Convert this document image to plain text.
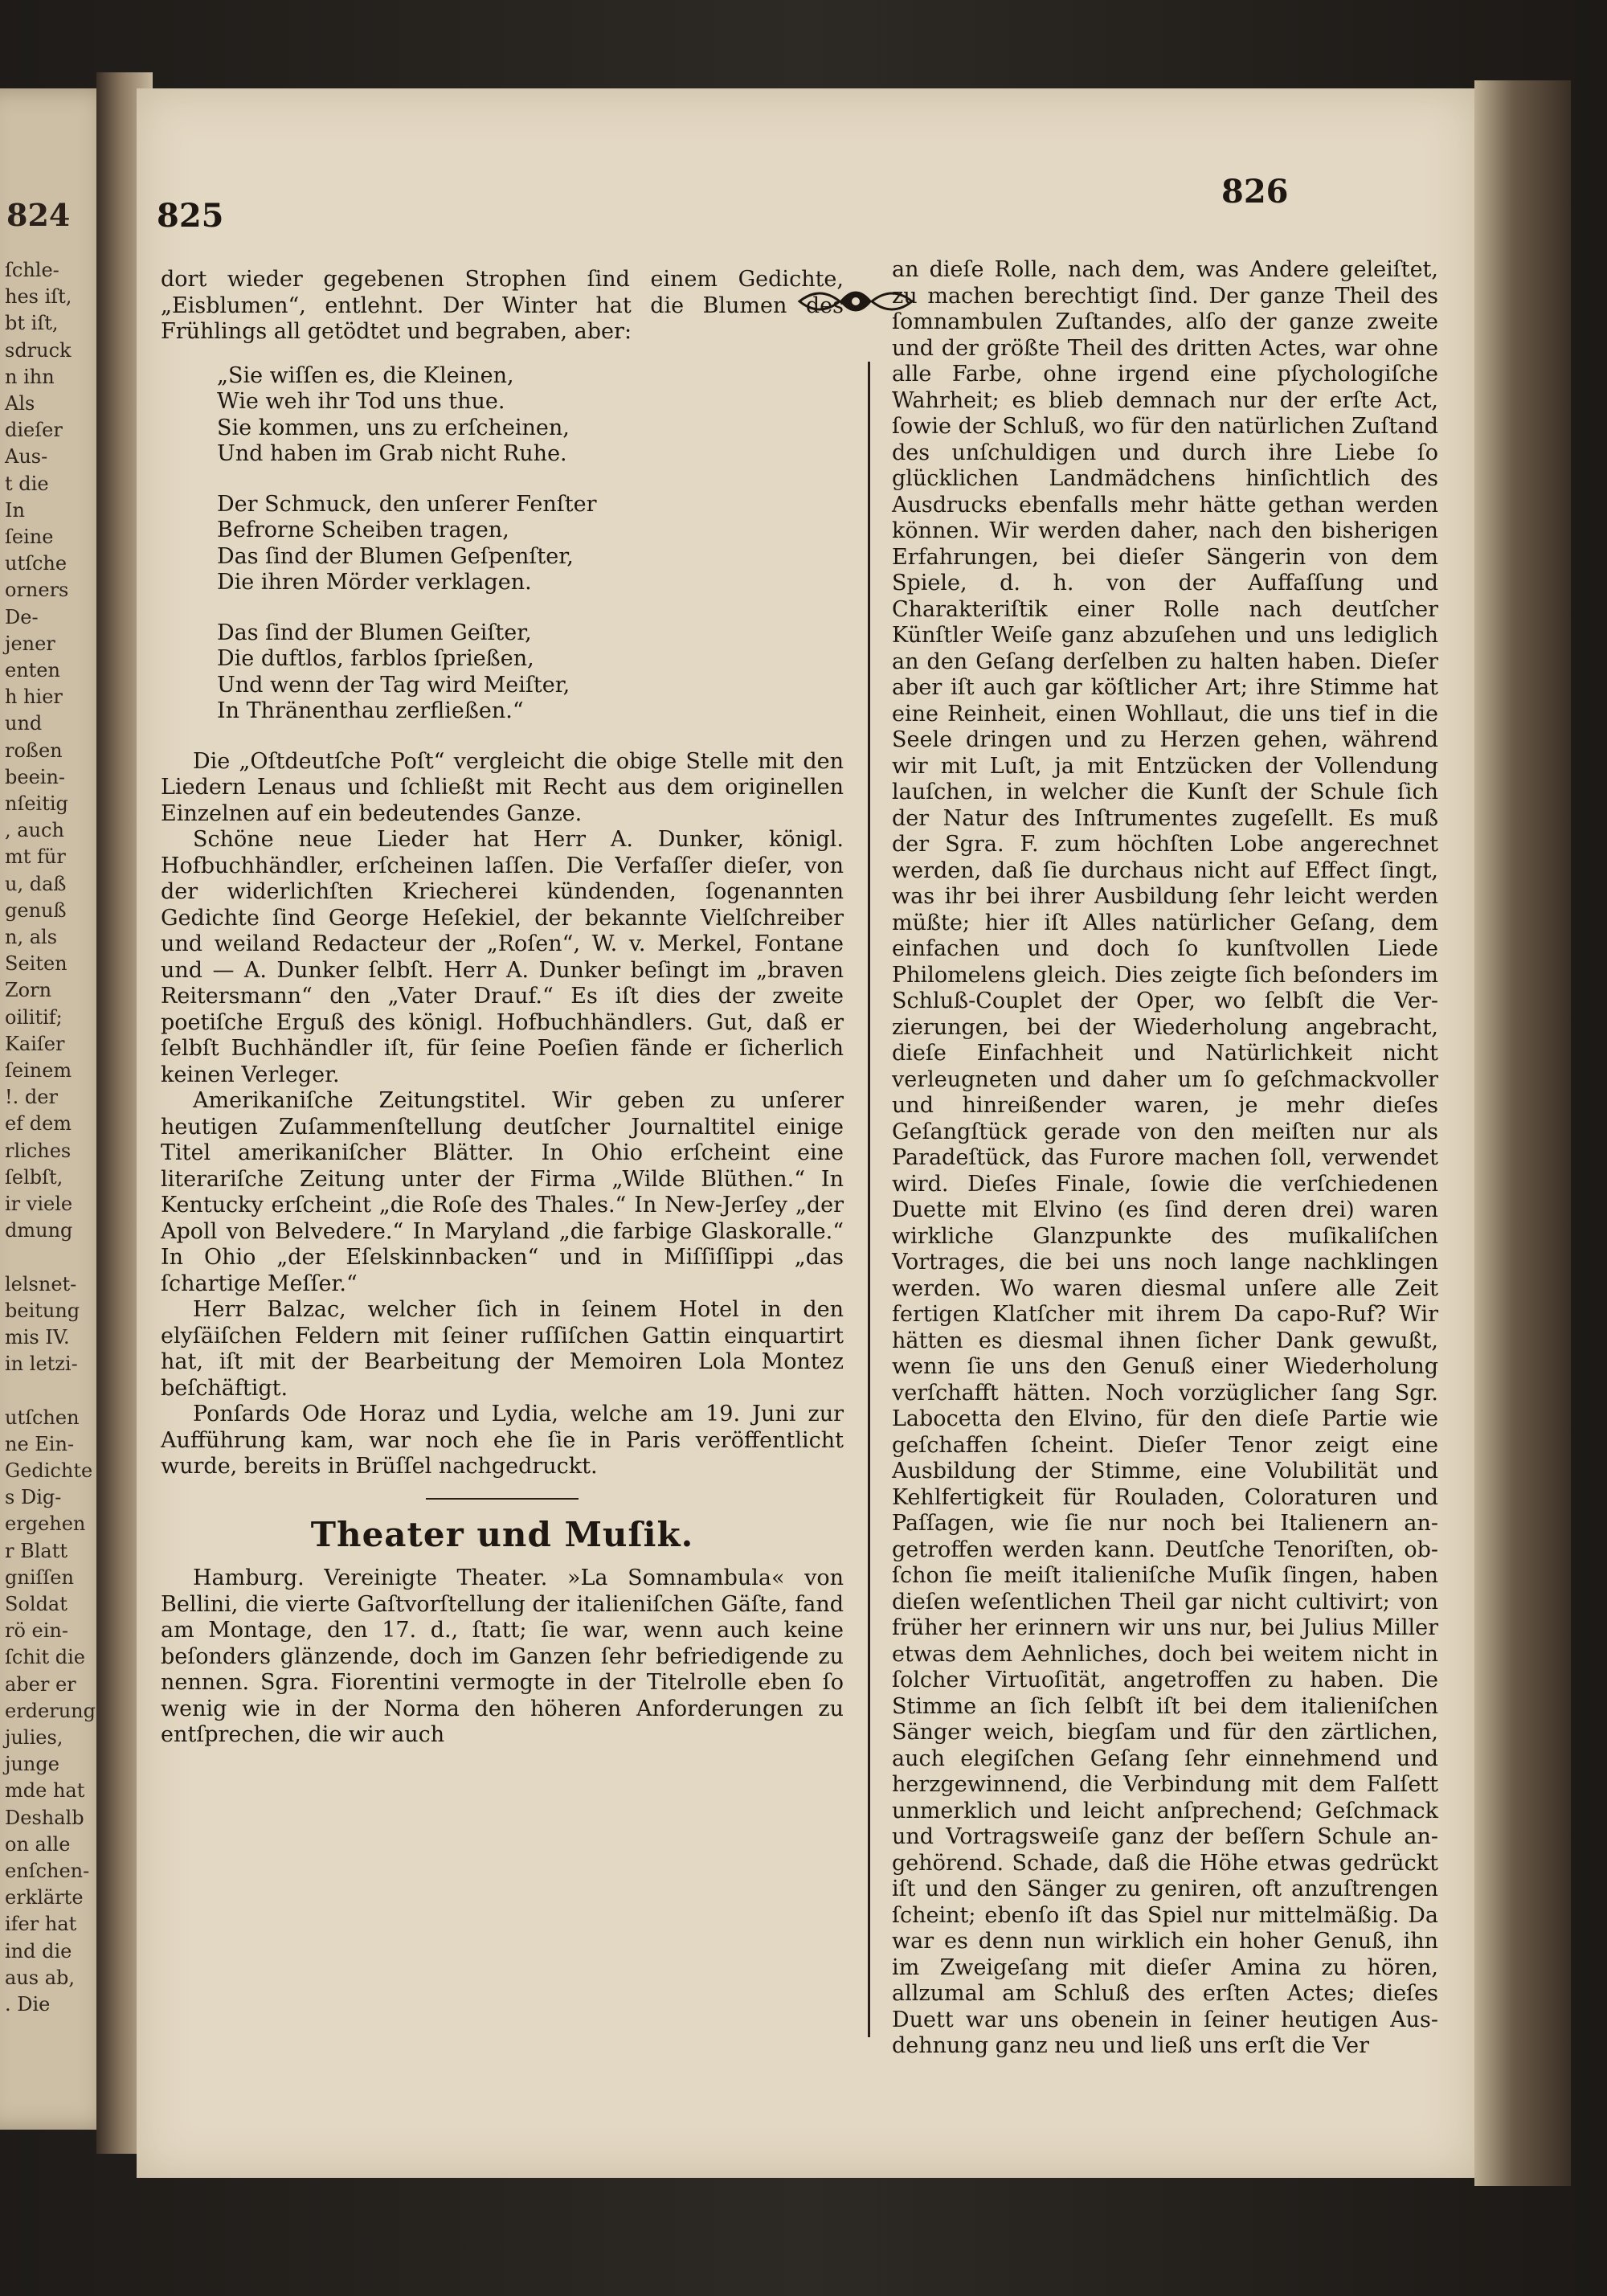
824
ſchle-
hes iſt,
bt iſt,
sdruck
n ihn
Als
dieſer
Aus-
t die
In
ſeine
utſche
orners
De-
jener
enten
h hier
und
roßen
beein-
nſeitig
, auch
mt für
u, daß
genuß
n, als
Seiten
Zorn
oilitif;
Kaiſer
ſeinem
!. der
ef dem
rliches
ſelbſt,
ir viele
dmung
lelsnet-
beitung
mis IV.
in letzi-
utſchen
ne Ein-
Gedichte
s Dig-
ergehen
r Blatt
gniſſen
Soldat
rö ein-
ſchit die
aber er
erderung
julies,
junge
mde hat
Deshalb
on alle
enſchen-
erklärte
ifer hat
ind die
aus ab,
. Die
825
826

dort wieder gegebenen Strophen ſind einem Gedichte, „Eisblumen“, entlehnt. Der Winter hat die Blumen des Frühlings all getödtet und begraben, aber:

„Sie wiſſen es, die Kleinen,
Wie weh ihr Tod uns thue.
Sie kommen, uns zu erſcheinen,
Und haben im Grab nicht Ruhe.
Der Schmuck, den unſerer Fenſter
Befrorne Scheiben tragen,
Das ſind der Blumen Geſpenſter,
Die ihren Mörder verklagen.
Das ſind der Blumen Geiſter,
Die duftlos, farblos ſprießen,
Und wenn der Tag wird Meiſter,
In Thränenthau zerfließen.“

Die „Oſtdeutſche Poſt“ vergleicht die obige Stelle mit den Liedern Lenaus und ſchließt mit Recht aus dem originellen Einzelnen auf ein bedeutendes Ganze.

Schöne neue Lieder hat Herr A. Dunker, königl. Hofbuchhändler, erſcheinen laſſen. Die Verfaſſer dieſer, von der widerlichſten Kriecherei kündenden, ſogenannten Gedichte ſind George Heſekiel, der bekannte Vielſchreiber und weiland Redacteur der „Roſen“, W. v. Merkel, Fontane und — A. Dunker ſelbſt. Herr A. Dunker beſingt im „braven Reitersmann“ den „Vater Drauf.“ Es iſt dies der zweite poetiſche Erguß des königl. Hofbuchhändlers. Gut, daß er ſelbſt Buchhändler iſt, für ſeine Poeſien fände er ſicherlich keinen Verleger.

Amerikaniſche Zeitungstitel. Wir geben zu unſerer heutigen Zuſammenſtellung deutſcher Journaltitel einige Titel amerikaniſcher Blätter. In Ohio erſcheint eine literariſche Zeitung unter der Firma „Wilde Blüthen.“ In Kentucky erſcheint „die Roſe des Thales.“ In New-Jerſey „der Apoll von Belvedere.“ In Maryland „die farbige Glaskoralle.“ In Ohio „der Eſelskinnbacken“ und in Miſſiſſippi „das ſchartige Meſſer.“

Herr Balzac, welcher ſich in ſeinem Hotel in den elyſäiſchen Feldern mit ſeiner ruſſiſchen Gattin einquartirt hat, iſt mit der Bearbeitung der Memoiren Lola Montez beſchäftigt.

Ponſards Ode Horaz und Lydia, welche am 19. Juni zur Aufführung kam, war noch ehe ſie in Paris veröffentlicht wurde, bereits in Brüſſel nachgedruckt.

Theater und Muſik.

Hamburg. Vereinigte Theater. »La Somnambula« von Bellini, die vierte Gaſtvorſtellung der italieniſchen Gäſte, fand am Montage, den 17. d., ſtatt; ſie war, wenn auch keine beſonders glänzende, doch im Ganzen ſehr befriedigende zu nennen. Sgra. Fiorentini vermogte in der Titelrolle eben ſo wenig wie in der Norma den höheren Anforderungen zu entſprechen, die wir auch

an dieſe Rolle, nach dem, was Andere geleiſtet, zu machen berechtigt ſind. Der ganze Theil des ſomnambulen Zuſtandes, alſo der ganze zweite und der größte Theil des dritten Actes, war ohne alle Farbe, ohne irgend eine pſychologiſche Wahrheit; es blieb demnach nur der erſte Act, ſowie der Schluß, wo für den natürlichen Zuſtand des unſchuldigen und durch ihre Liebe ſo glücklichen Landmädchens hinſichtlich des Ausdrucks ebenfalls mehr hätte gethan werden können. Wir werden daher, nach den bisherigen Erfahrungen, bei dieſer Sängerin von dem Spiele, d. h. von der Auffaſſung und Charakteriſtik einer Rolle nach deutſcher Künſtler Weiſe ganz abzuſehen und uns lediglich an den Geſang derſelben zu halten haben. Dieſer aber iſt auch gar köſtlicher Art; ihre Stimme hat eine Reinheit, einen Wohllaut, die uns tief in die Seele dringen und zu Herzen gehen, während wir mit Luſt, ja mit Entzücken der Vollendung lauſchen, in welcher die Kunſt der Schule ſich der Natur des Inſtrumentes zugeſellt. Es muß der Sgra. F. zum höchſten Lobe angerechnet werden, daß ſie durchaus nicht auf Effect ſingt, was ihr bei ihrer Ausbildung ſehr leicht werden müßte; hier iſt Alles natürlicher Geſang, dem einfachen und doch ſo kunſtvollen Liede Philomelens gleich. Dies zeigte ſich beſonders im Schluß-Couplet der Oper, wo ſelbſt die Verzierungen, bei der Wiederholung angebracht, dieſe Einfachheit und Natürlichkeit nicht verleugneten und daher um ſo geſchmackvoller und hinreißender waren, je mehr dieſes Geſangſtück gerade von den meiſten nur als Paradeſtück, das Furore machen ſoll, verwendet wird. Dieſes Finale, ſowie die verſchiedenen Duette mit Elvino (es ſind deren drei) waren wirkliche Glanzpunkte des muſikaliſchen Vortrages, die bei uns noch lange nachklingen werden. Wo waren diesmal unſere alle Zeit fertigen Klatſcher mit ihrem Da capo-Ruf? Wir hätten es diesmal ihnen ſicher Dank gewußt, wenn ſie uns den Genuß einer Wiederholung verſchafft hätten. Noch vorzüglicher ſang Sgr. Labocetta den Elvino, für den dieſe Partie wie geſchaffen ſcheint. Dieſer Tenor zeigt eine Ausbildung der Stimme, eine Volubilität und Kehlfertigkeit für Rouladen, Coloraturen und Paſſagen, wie ſie nur noch bei Italienern angetroffen werden kann. Deutſche Tenoriſten, obſchon ſie meiſt italieniſche Muſik ſingen, haben dieſen weſentlichen Theil gar nicht cultivirt; von früher her erinnern wir uns nur, bei Julius Miller etwas dem Aehnliches, doch bei weitem nicht in ſolcher Virtuoſität, angetroffen zu haben. Die Stimme an ſich ſelbſt iſt bei dem italieniſchen Sänger weich, biegſam und für den zärtlichen, auch elegiſchen Geſang ſehr einnehmend und herzgewinnend, die Verbindung mit dem Falſett unmerklich und leicht anſprechend; Geſchmack und Vortragsweiſe ganz der beſſern Schule angehörend. Schade, daß die Höhe etwas gedrückt iſt und den Sänger zu geniren, oft anzuſtrengen ſcheint; ebenſo iſt das Spiel nur mittelmäßig. Da war es denn nun wirklich ein hoher Genuß, ihn im Zweigeſang mit dieſer Amina zu hören, allzumal am Schluß des erſten Actes; dieſes Duett war uns obenein in ſeiner heutigen Ausdehnung ganz neu und ließ uns erſt die Ver
